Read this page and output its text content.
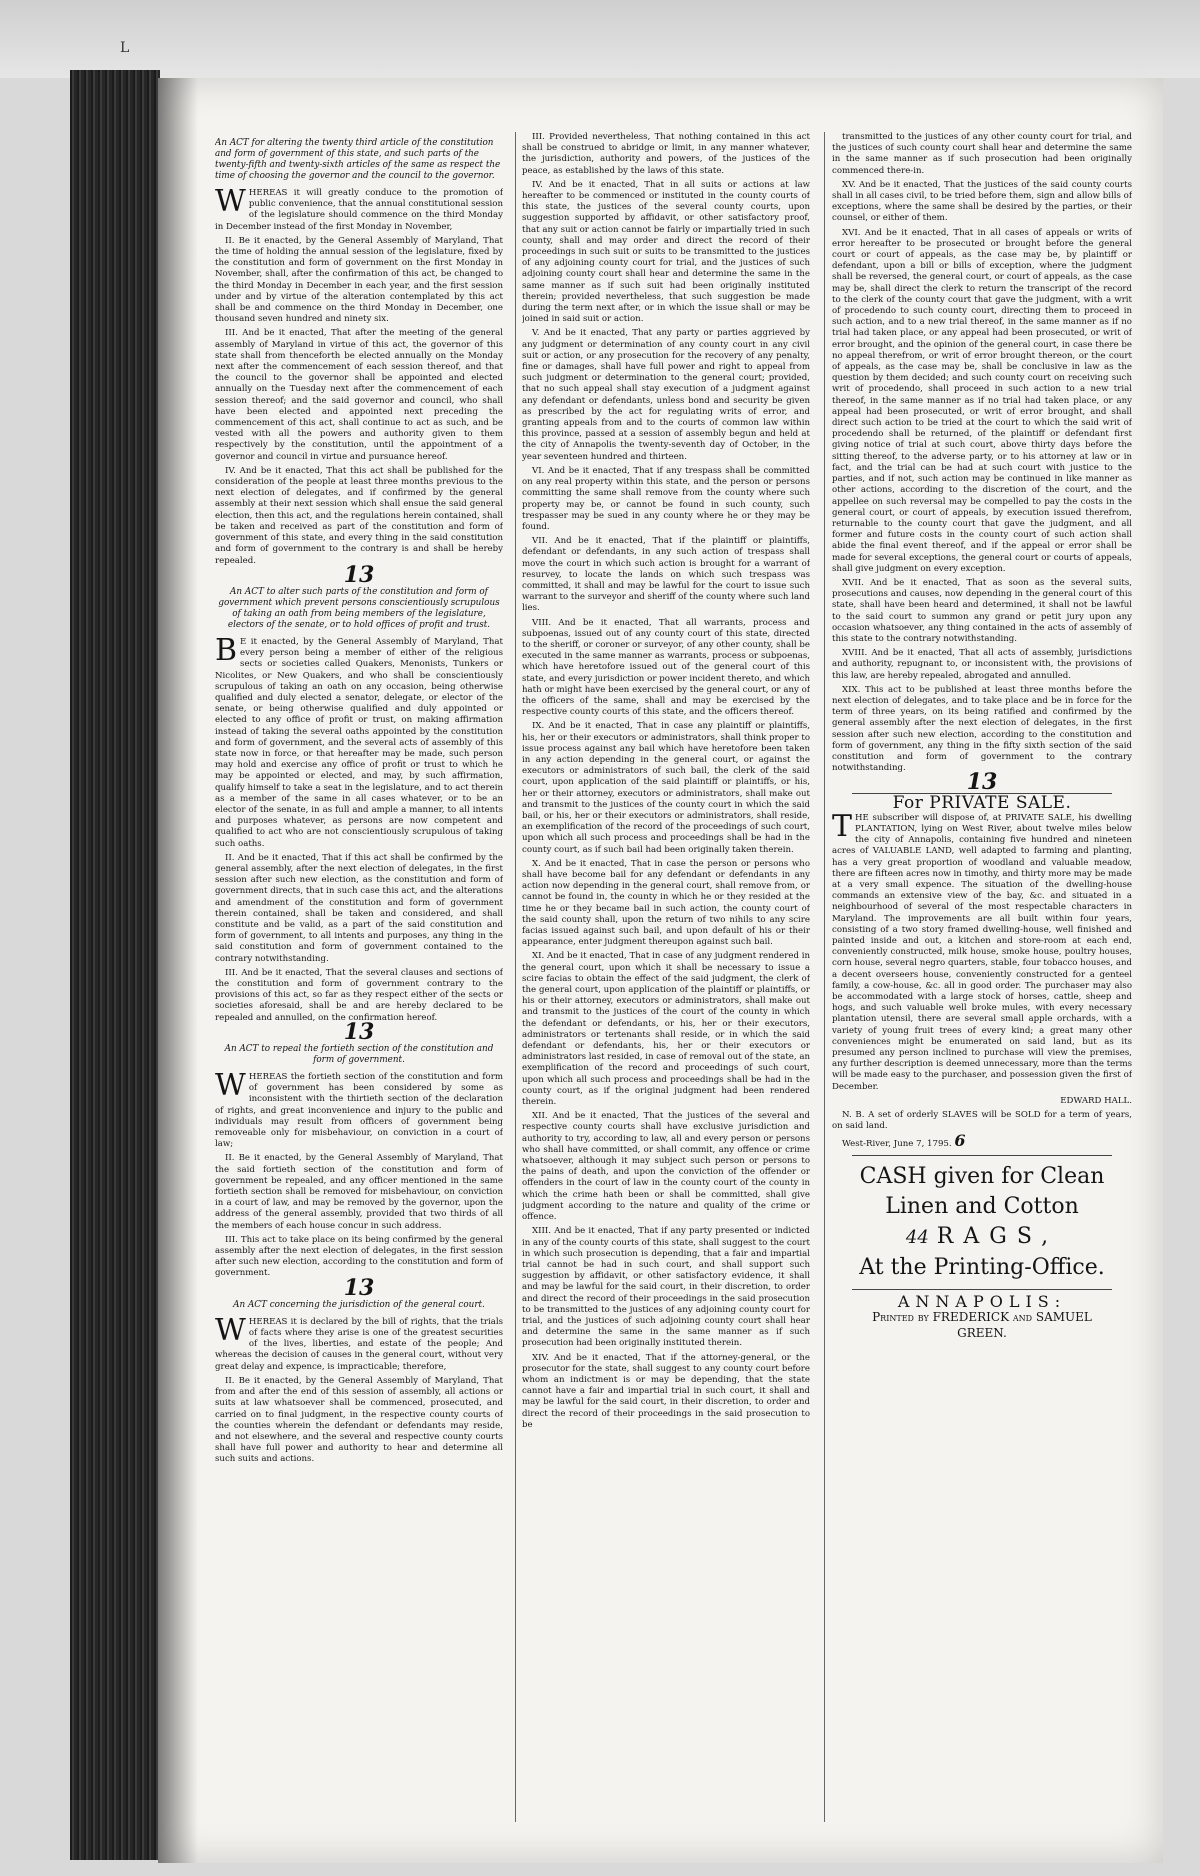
L
An ACT for altering the twenty third article of the constitution and form of government of this state, and such parts of the twenty-fifth and twenty-sixth articles of the same as respect the time of choosing the governor and the council to the governor.

WHEREAS it will greatly conduce to the promotion of public convenience, that the annual constitutional session of the legislature should commence on the third Monday in December instead of the first Monday in November,

II. Be it enacted, by the General Assembly of Maryland, That the time of holding the annual session of the legislature, fixed by the constitution and form of government on the first Monday in November, shall, after the confirmation of this act, be changed to the third Monday in December in each year, and the first session under and by virtue of the alteration contemplated by this act shall be and commence on the third Monday in December, one thousand seven hundred and ninety six.

III. And be it enacted, That after the meeting of the general assembly of Maryland in virtue of this act, the governor of this state shall from thenceforth be elected annually on the Monday next after the commencement of each session thereof, and that the council to the governor shall be appointed and elected annually on the Tuesday next after the commencement of each session thereof; and the said governor and council, who shall have been elected and appointed next preceding the commencement of this act, shall continue to act as such, and be vested with all the powers and authority given to them respectively by the constitution, until the appointment of a governor and council in virtue and pursuance hereof.

IV. And be it enacted, That this act shall be published for the consideration of the people at least three months previous to the next election of delegates, and if confirmed by the general assembly at their next session which shall ensue the said general election, then this act, and the regulations herein contained, shall be taken and received as part of the constitution and form of government of this state, and every thing in the said constitution and form of government to the contrary is and shall be hereby repealed.

13
An ACT to alter such parts of the constitution and form of government which prevent persons conscientiously scrupulous of taking an oath from being members of the legislature, electors of the senate, or to hold offices of profit and trust.

B E it enacted, by the General Assembly of Maryland, That every person being a member of either of the religious sects or societies called Quakers, Menonists, Tunkers or Nicolites, or New Quakers, and who shall be conscientiously scrupulous of taking an oath on any occasion, being otherwise qualified and duly elected a senator, delegate, or elector of the senate, or being otherwise qualified and duly appointed or elected to any office of profit or trust, on making affirmation instead of taking the several oaths appointed by the constitution and form of government, and the several acts of assembly of this state now in force, or that hereafter may be made, such person may hold and exercise any office of profit or trust to which he may be appointed or elected, and may, by such affirmation, qualify himself to take a seat in the legislature, and to act therein as a member of the same in all cases whatever, or to be an elector of the senate, in as full and ample a manner, to all intents and purposes whatever, as persons are now competent and qualified to act who are not conscientiously scrupulous of taking such oaths.

II. And be it enacted, That if this act shall be confirmed by the general assembly, after the next election of delegates, in the first session after such new election, as the constitution and form of government directs, that in such case this act, and the alterations and amendment of the constitution and form of government therein contained, shall be taken and considered, and shall constitute and be valid, as a part of the said constitution and form of government, to all intents and purposes, any thing in the said constitution and form of government contained to the contrary notwithstanding.

III. And be it enacted, That the several clauses and sections of the constitution and form of government contrary to the provisions of this act, so far as they respect either of the sects or societies aforesaid, shall be and are hereby declared to be repealed and annulled, on the confirmation hereof.

13
An ACT to repeal the fortieth section of the constitution and form of government.

WHEREAS the fortieth section of the constitution and form of government has been considered by some as inconsistent with the thirtieth section of the declaration of rights, and great inconvenience and injury to the public and individuals may result from officers of government being removeable only for misbehaviour, on conviction in a court of law;

II. Be it enacted, by the General Assembly of Maryland, That the said fortieth section of the constitution and form of government be repealed, and any officer mentioned in the same fortieth section shall be removed for misbehaviour, on conviction in a court of law, and may be removed by the governor, upon the address of the general assembly, provided that two thirds of all the members of each house concur in such address.

III. This act to take place on its being confirmed by the general assembly after the next election of delegates, in the first session after such new election, according to the constitution and form of government.

13
An ACT concerning the jurisdiction of the general court.

WHEREAS it is declared by the bill of rights, that the trials of facts where they arise is one of the greatest securities of the lives, liberties, and estate of the people; And whereas the decision of causes in the general court, without very great delay and expence, is impracticable; therefore,

II. Be it enacted, by the General Assembly of Maryland, That from and after the end of this session of assembly, all actions or suits at law whatsoever shall be commenced, prosecuted, and carried on to final judgment, in the respective county courts of the counties wherein the defendant or defendants may reside, and not elsewhere, and the several and respective county courts shall have full power and authority to hear and determine all such suits and actions.

III. Provided nevertheless, That nothing contained in this act shall be construed to abridge or limit, in any manner whatever, the jurisdiction, authority and powers, of the justices of the peace, as established by the laws of this state.

IV. And be it enacted, That in all suits or actions at law hereafter to be commenced or instituted in the county courts of this state, the justices of the several county courts, upon suggestion supported by affidavit, or other satisfactory proof, that any suit or action cannot be fairly or impartially tried in such county, shall and may order and direct the record of their proceedings in such suit or suits to be transmitted to the justices of any adjoining county court for trial, and the justices of such adjoining county court shall hear and determine the same in the same manner as if such suit had been originally instituted therein; provided nevertheless, that such suggestion be made during the term next after, or in which the issue shall or may be joined in said suit or action.

V. And be it enacted, That any party or parties aggrieved by any judgment or determination of any county court in any civil suit or action, or any prosecution for the recovery of any penalty, fine or damages, shall have full power and right to appeal from such judgment or determination to the general court; provided, that no such appeal shall stay execution of a judgment against any defendant or defendants, unless bond and security be given as prescribed by the act for regulating writs of error, and granting appeals from and to the courts of common law within this province, passed at a session of assembly begun and held at the city of Annapolis the twenty-seventh day of October, in the year seventeen hundred and thirteen.

VI. And be it enacted, That if any trespass shall be committed on any real property within this state, and the person or persons committing the same shall remove from the county where such property may be, or cannot be found in such county, such trespasser may be sued in any county where he or they may be found.

VII. And be it enacted, That if the plaintiff or plaintiffs, defendant or defendants, in any such action of trespass shall move the court in which such action is brought for a warrant of resurvey, to locate the lands on which such trespass was committed, it shall and may be lawful for the court to issue such warrant to the surveyor and sheriff of the county where such land lies.

VIII. And be it enacted, That all warrants, process and subpoenas, issued out of any county court of this state, directed to the sheriff, or coroner or surveyor, of any other county, shall be executed in the same manner as warrants, process or subpoenas, which have heretofore issued out of the general court of this state, and every jurisdiction or power incident thereto, and which hath or might have been exercised by the general court, or any of the officers of the same, shall and may be exercised by the respective county courts of this state, and the officers thereof.

IX. And be it enacted, That in case any plaintiff or plaintiffs, his, her or their executors or administrators, shall think proper to issue process against any bail which have heretofore been taken in any action depending in the general court, or against the executors or administrators of such bail, the clerk of the said court, upon application of the said plaintiff or plaintiffs, or his, her or their attorney, executors or administrators, shall make out and transmit to the justices of the county court in which the said bail, or his, her or their executors or administrators, shall reside, an exemplification of the record of the proceedings of such court, upon which all such process and proceedings shall be had in the county court, as if such bail had been originally taken therein.

X. And be it enacted, That in case the person or persons who shall have become bail for any defendant or defendants in any action now depending in the general court, shall remove from, or cannot be found in, the county in which he or they resided at the time he or they became bail in such action, the county court of the said county shall, upon the return of two nihils to any scire facias issued against such bail, and upon default of his or their appearance, enter judgment thereupon against such bail.

XI. And be it enacted, That in case of any judgment rendered in the general court, upon which it shall be necessary to issue a scire facias to obtain the effect of the said judgment, the clerk of the general court, upon application of the plaintiff or plaintiffs, or his or their attorney, executors or administrators, shall make out and transmit to the justices of the court of the county in which the defendant or defendants, or his, her or their executors, administrators or tertenants shall reside, or in which the said defendant or defendants, his, her or their executors or administrators last resided, in case of removal out of the state, an exemplification of the record and proceedings of such court, upon which all such process and proceedings shall be had in the county court, as if the original judgment had been rendered therein.

XII. And be it enacted, That the justices of the several and respective county courts shall have exclusive jurisdiction and authority to try, according to law, all and every person or persons who shall have committed, or shall commit, any offence or crime whatsoever, although it may subject such person or persons to the pains of death, and upon the conviction of the offender or offenders in the court of law in the county court of the county in which the crime hath been or shall be committed, shall give judgment according to the nature and quality of the crime or offence.

XIII. And be it enacted, That if any party presented or indicted in any of the county courts of this state, shall suggest to the court in which such prosecution is depending, that a fair and impartial trial cannot be had in such court, and shall support such suggestion by affidavit, or other satisfactory evidence, it shall and may be lawful for the said court, in their discretion, to order and direct the record of their proceedings in the said prosecution to be transmitted to the justices of any adjoining county court for trial, and the justices of such adjoining county court shall hear and determine the same in the same manner as if such prosecution had been originally instituted therein.

XIV. And be it enacted, That if the attorney-general, or the prosecutor for the state, shall suggest to any county court before whom an indictment is or may be depending, that the state cannot have a fair and impartial trial in such court, it shall and may be lawful for the said court, in their discretion, to order and direct the record of their proceedings in the said prosecution to be

transmitted to the justices of any other county court for trial, and the justices of such county court shall hear and determine the same in the same manner as if such prosecution had been originally commenced there-in.

XV. And be it enacted, That the justices of the said county courts shall in all cases civil, to be tried before them, sign and allow bills of exceptions, where the same shall be desired by the parties, or their counsel, or either of them.

XVI. And be it enacted, That in all cases of appeals or writs of error hereafter to be prosecuted or brought before the general court or court of appeals, as the case may be, by plaintiff or defendant, upon a bill or bills of exception, where the judgment shall be reversed, the general court, or court of appeals, as the case may be, shall direct the clerk to return the transcript of the record to the clerk of the county court that gave the judgment, with a writ of procedendo to such county court, directing them to proceed in such action, and to a new trial thereof, in the same manner as if no trial had taken place, or any appeal had been prosecuted, or writ of error brought, and the opinion of the general court, in case there be no appeal therefrom, or writ of error brought thereon, or the court of appeals, as the case may be, shall be conclusive in law as the question by them decided; and such county court on receiving such writ of procedendo, shall proceed in such action to a new trial thereof, in the same manner as if no trial had taken place, or any appeal had been prosecuted, or writ of error brought, and shall direct such action to be tried at the court to which the said writ of procedendo shall be returned, of the plaintiff or defendant first giving notice of trial at such court, above thirty days before the sitting thereof, to the adverse party, or to his attorney at law or in fact, and the trial can be had at such court with justice to the parties, and if not, such action may be continued in like manner as other actions, according to the discretion of the court, and the appellee on such reversal may be compelled to pay the costs in the general court, or court of appeals, by execution issued therefrom, returnable to the county court that gave the judgment, and all former and future costs in the county court of such action shall abide the final event thereof, and if the appeal or error shall be made for several exceptions, the general court or courts of appeals, shall give judgment on every exception.

XVII. And be it enacted, That as soon as the several suits, prosecutions and causes, now depending in the general court of this state, shall have been heard and determined, it shall not be lawful to the said court to summon any grand or petit jury upon any occasion whatsoever, any thing contained in the acts of assembly of this state to the contrary notwithstanding.

XVIII. And be it enacted, That all acts of assembly, jurisdictions and authority, repugnant to, or inconsistent with, the provisions of this law, are hereby repealed, abrogated and annulled.

XIX. This act to be published at least three months before the next election of delegates, and to take place and be in force for the term of three years, on its being ratified and confirmed by the general assembly after the next election of delegates, in the first session after such new election, according to the constitution and form of government, any thing in the fifty sixth section of the said constitution and form of government to the contrary notwithstanding.

13
For PRIVATE SALE.

THE subscriber will dispose of, at PRIVATE SALE, his dwelling PLANTATION, lying on West River, about twelve miles below the city of Annapolis, containing five hundred and nineteen acres of VALUABLE LAND, well adapted to farming and planting, has a very great proportion of woodland and valuable meadow, there are fifteen acres now in timothy, and thirty more may be made at a very small expence. The situation of the dwelling-house commands an extensive view of the bay, &c. and situated in a neighbourhood of several of the most respectable characters in Maryland. The improvements are all built within four years, consisting of a two story framed dwelling-house, well finished and painted inside and out, a kitchen and store-room at each end, conveniently constructed, milk house, smoke house, poultry houses, corn house, several negro quarters, stable, four tobacco houses, and a decent overseers house, conveniently constructed for a genteel family, a cow-house, &c. all in good order. The purchaser may also be accommodated with a large stock of horses, cattle, sheep and hogs, and such valuable well broke mules, with every necessary plantation utensil, there are several small apple orchards, with a variety of young fruit trees of every kind; a great many other conveniences might be enumerated on said land, but as its presumed any person inclined to purchase will view the premises, any further description is deemed unnecessary, more than the terms will be made easy to the purchaser, and possession given the first of December.

EDWARD HALL.

N. B. A set of orderly SLAVES will be SOLD for a term of years, on said land.

West-River, June 7, 1795. 6

CASH given for Clean
Linen and Cotton
44 RAGS,
At the Printing-Office.
ANNAPOLIS:
Printed by FREDERICK and SAMUEL
GREEN.
